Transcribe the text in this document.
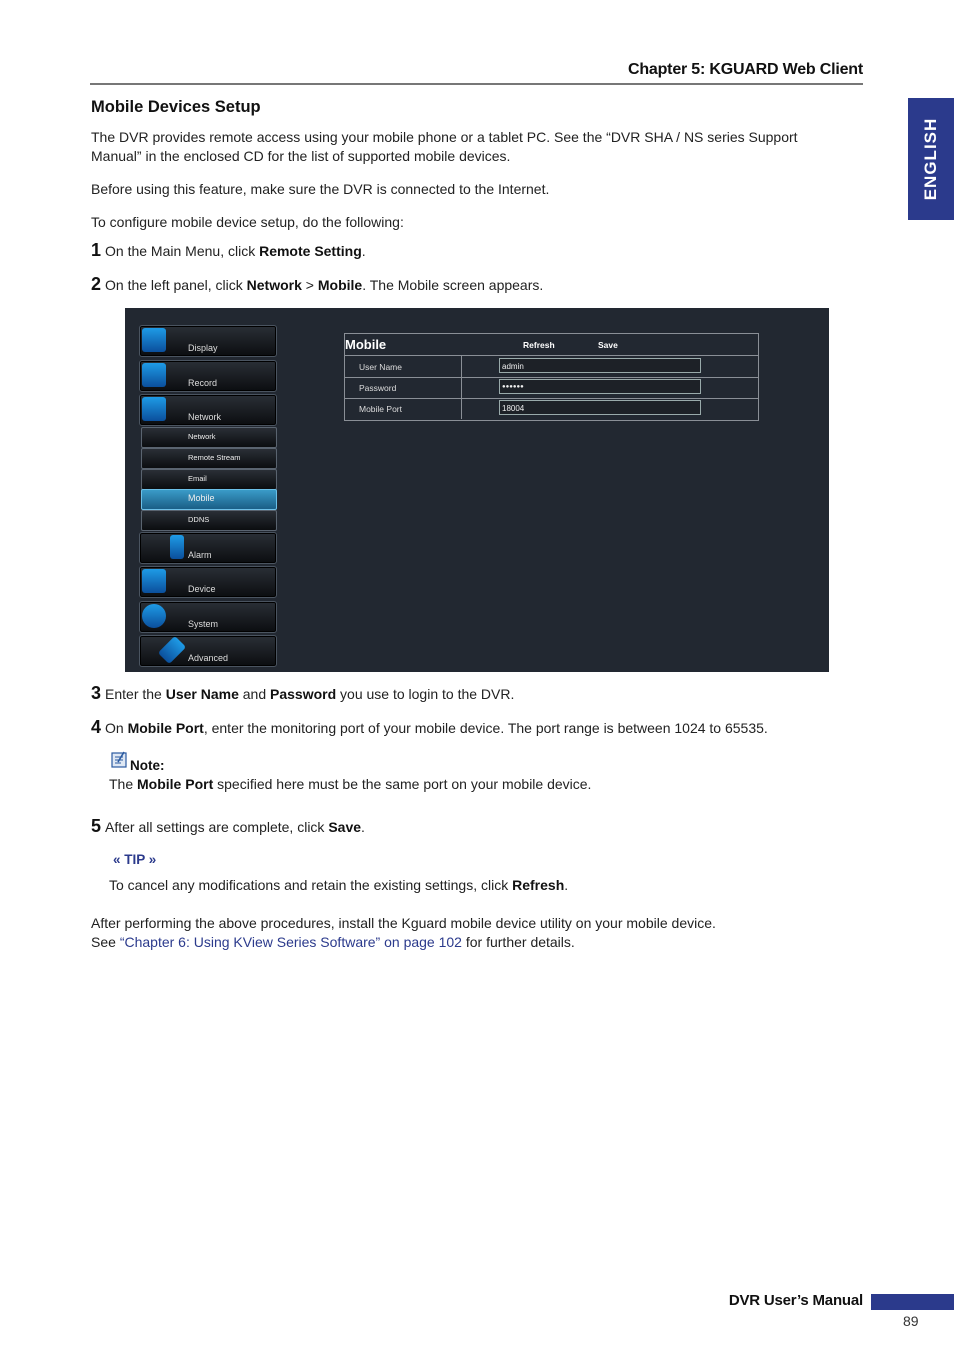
Chapter 5: KGUARD Web Client
ENGLISH
Mobile Devices Setup
The DVR provides remote access using your mobile phone or a tablet PC. See the “DVR SHA / NS series Support Manual” in the enclosed CD for the list of supported mobile devices.
Before using this feature, make sure the DVR is connected to the Internet.
To configure mobile device setup, do the following:
1 On the Main Menu, click Remote Setting.
2 On the left panel, click Network > Mobile. The Mobile screen appears.
Display
Record
Network
Network
Remote Stream
Email
Mobile
DDNS
Alarm
Device
System
Advanced
Mobile	Refresh	Save
User Name	admin
Password	●●●●●●
Mobile Port	18004
3 Enter the User Name and Password you use to login to the DVR.
4 On Mobile Port, enter the monitoring port of your mobile device. The port range is between 1024 to 65535.
Note:
The Mobile Port specified here must be the same port on your mobile device.
5 After all settings are complete, click Save.
« TIP »
To cancel any modifications and retain the existing settings, click Refresh.
After performing the above procedures, install the Kguard mobile device utility on your mobile device.
See “Chapter 6: Using KView Series Software” on page 102 for further details.
DVR User’s Manual
89
